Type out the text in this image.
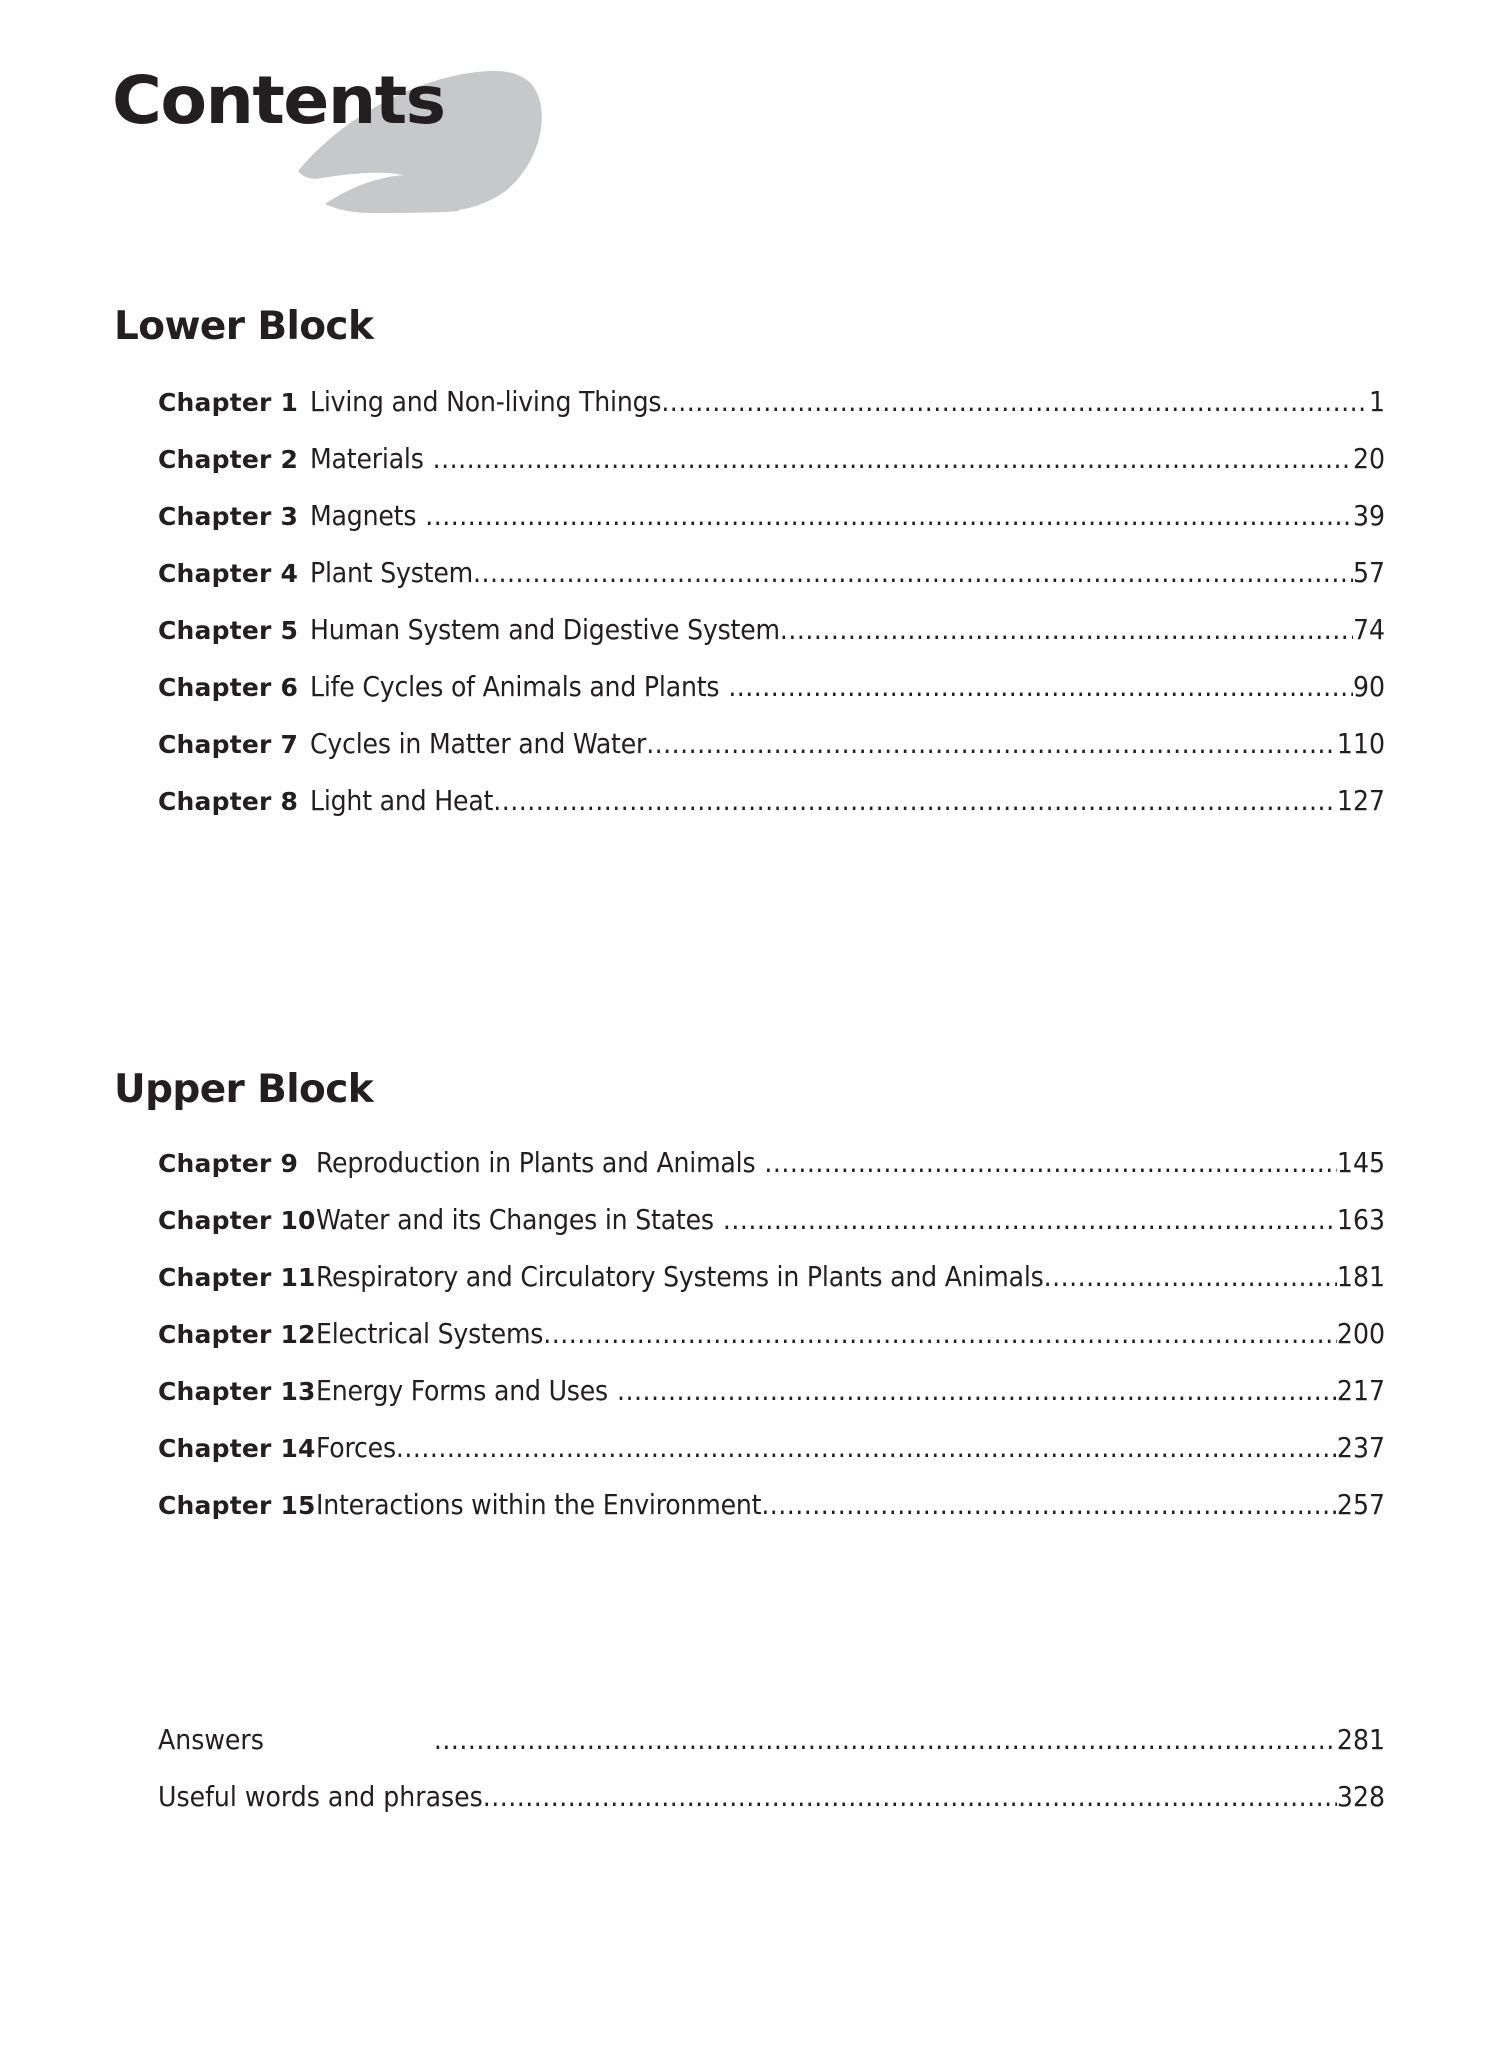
Contents
Lower Block
Chapter 1 Living and Non-living Things .....	1
Chapter 2 Materials .....	20
Chapter 3 Magnets .....	39
Chapter 4 Plant System .....	57
Chapter 5 Human System and Digestive System .....	74
Chapter 6 Life Cycles of Animals and Plants .....	90
Chapter 7 Cycles in Matter and Water .....	110
Chapter 8 Light and Heat .....	127
Upper Block
Chapter 9 Reproduction in Plants and Animals .....	145
Chapter 10 Water and its Changes in States .....	163
Chapter 11 Respiratory and Circulatory Systems in Plants and Animals .....	181
Chapter 12 Electrical Systems .....	200
Chapter 13 Energy Forms and Uses .....	217
Chapter 14 Forces .....	237
Chapter 15 Interactions within the Environment .....	257
Answers .....	281
Useful words and phrases .....	328
